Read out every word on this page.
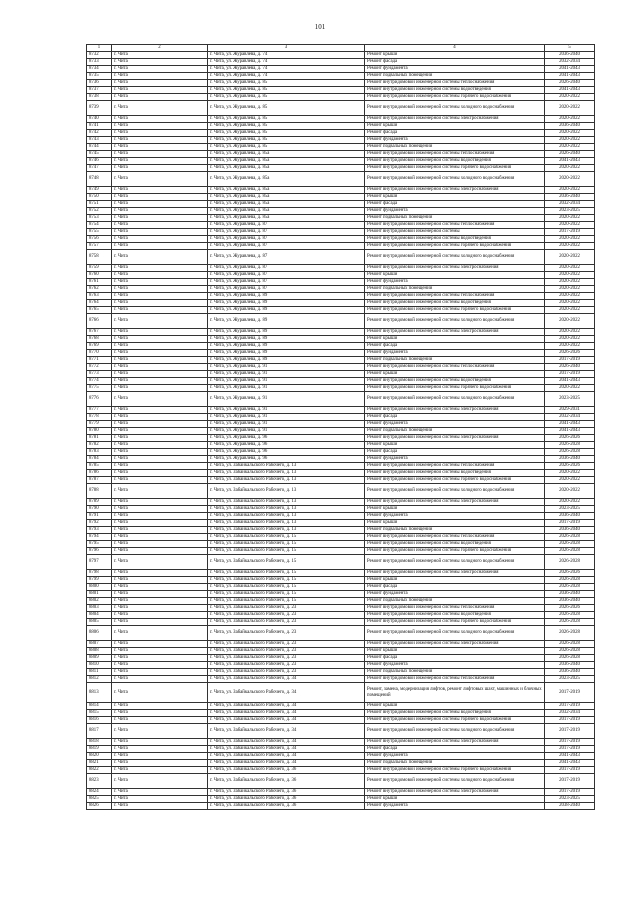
101
1	2	3	4	5
8732	г. Чита	г. Чита, ул. Журавлева, д. 74	Ремонт крыши	2036-2040
8733	г. Чита	г. Чита, ул. Журавлева, д. 74	Ремонт фасада	2032-2034
8734	г. Чита	г. Чита, ул. Журавлева, д. 74	Ремонт фундамента	2041-2043
8735	г. Чита	г. Чита, ул. Журавлева, д. 74	Ремонт подвальных помещений	2041-2043
8736	г. Чита	г. Чита, ул. Журавлева, д. 85	Ремонт внутридомовой инженерной системы теплоснабжения	2026-2040
8737	г. Чита	г. Чита, ул. Журавлева, д. 85	Ремонт внутридомовой инженерной системы водоотведения	2041-2043
8738	г. Чита	г. Чита, ул. Журавлева, д. 85	Ремонт внутридомовой инженерной системы горячего водоснабжения	2020-2022
8739	г. Чита	г. Чита, ул. Журавлева, д. 85	Ремонт внутридомовой инженерной системы холодного водоснабжения	2020-2022
8740	г. Чита	г. Чита, ул. Журавлева, д. 85	Ремонт внутридомовой инженерной системы электроснабжения	2020-2022
8741	г. Чита	г. Чита, ул. Журавлева, д. 85	Ремонт крыши	2036-2040
8742	г. Чита	г. Чита, ул. Журавлева, д. 85	Ремонт фасада	2020-2022
8743	г. Чита	г. Чита, ул. Журавлева, д. 85	Ремонт фундамента	2020-2022
8744	г. Чита	г. Чита, ул. Журавлева, д. 85	Ремонт подвальных помещений	2020-2022
8745	г. Чита	г. Чита, ул. Журавлева, д. 85а	Ремонт внутридомовой инженерной системы теплоснабжения	2026-2040
8746	г. Чита	г. Чита, ул. Журавлева, д. 85а	Ремонт внутридомовой инженерной системы водоотведения	2041-2043
8747	г. Чита	г. Чита, ул. Журавлева, д. 85а	Ремонт внутридомовой инженерной системы горячего водоснабжения	2020-2022
8748	г. Чита	г. Чита, ул. Журавлева, д. 85а	Ремонт внутридомовой инженерной системы холодного водоснабжения	2020-2022
8749	г. Чита	г. Чита, ул. Журавлева, д. 85а	Ремонт внутридомовой инженерной системы электроснабжения	2020-2022
8750	г. Чита	г. Чита, ул. Журавлева, д. 85а	Ремонт крыши	2036-2040
8751	г. Чита	г. Чита, ул. Журавлева, д. 85а	Ремонт фасада	2032-2034
8752	г. Чита	г. Чита, ул. Журавлева, д. 85а	Ремонт фундамента	2023-2025
8753	г. Чита	г. Чита, ул. Журавлева, д. 85а	Ремонт подвальных помещений	2020-2022
8754	г. Чита	г. Чита, ул. Журавлева, д. 87	Ремонт внутридомовой инженерной системы теплоснабжения	2020-2022
8755	г. Чита	г. Чита, ул. Журавлева, д. 87	Ремонт внутридомовой инженерной системы	2017-2019
8756	г. Чита	г. Чита, ул. Журавлева, д. 87	Ремонт внутридомовой инженерной системы водоотведения	2020-2022
8757	г. Чита	г. Чита, ул. Журавлева, д. 87	Ремонт внутридомовой инженерной системы горячего водоснабжения	2020-2022
8758	г. Чита	г. Чита, ул. Журавлева, д. 87	Ремонт внутридомовой инженерной системы холодного водоснабжения	2020-2022
8759	г. Чита	г. Чита, ул. Журавлева, д. 87	Ремонт внутридомовой инженерной системы электроснабжения	2020-2022
8760	г. Чита	г. Чита, ул. Журавлева, д. 87	Ремонт крыши	2020-2022
8761	г. Чита	г. Чита, ул. Журавлева, д. 87	Ремонт фундамента	2020-2022
8762	г. Чита	г. Чита, ул. Журавлева, д. 87	Ремонт подвальных помещений	2020-2022
8763	г. Чита	г. Чита, ул. Журавлева, д. 89	Ремонт внутридомовой инженерной системы теплоснабжения	2020-2022
8764	г. Чита	г. Чита, ул. Журавлева, д. 89	Ремонт внутридомовой инженерной системы водоотведения	2020-2022
8765	г. Чита	г. Чита, ул. Журавлева, д. 89	Ремонт внутридомовой инженерной системы горячего водоснабжения	2020-2022
8766	г. Чита	г. Чита, ул. Журавлева, д. 89	Ремонт внутридомовой инженерной системы холодного водоснабжения	2020-2022
8767	г. Чита	г. Чита, ул. Журавлева, д. 89	Ремонт внутридомовой инженерной системы электроснабжения	2020-2022
8768	г. Чита	г. Чита, ул. Журавлева, д. 89	Ремонт крыши	2020-2022
8769	г. Чита	г. Чита, ул. Журавлева, д. 89	Ремонт фасада	2020-2022
8770	г. Чита	г. Чита, ул. Журавлева, д. 89	Ремонт фундамента	2026-2026
8771	г. Чита	г. Чита, ул. Журавлева, д. 89	Ремонт подвальных помещений	2017-2019
8772	г. Чита	г. Чита, ул. Журавлева, д. 91	Ремонт внутридомовой инженерной системы теплоснабжения	2026-2040
8773	г. Чита	г. Чита, ул. Журавлева, д. 91	Ремонт крыши	2017-2019
8774	г. Чита	г. Чита, ул. Журавлева, д. 91	Ремонт внутридомовой инженерной системы водоотведения	2041-2043
8775	г. Чита	г. Чита, ул. Журавлева, д. 91	Ремонт внутридомовой инженерной системы горячего водоснабжения	2020-2022
8776	г. Чита	г. Чита, ул. Журавлева, д. 91	Ремонт внутридомовой инженерной системы холодного водоснабжения	2023-2025
8777	г. Чита	г. Чита, ул. Журавлева, д. 91	Ремонт внутридомовой инженерной системы электроснабжения	2029-2031
8778	г. Чита	г. Чита, ул. Журавлева, д. 91	Ремонт фасада	2032-2034
8779	г. Чита	г. Чита, ул. Журавлева, д. 91	Ремонт фундамента	2041-2043
8780	г. Чита	г. Чита, ул. Журавлева, д. 91	Ремонт подвальных помещений	2041-2043
8781	г. Чита	г. Чита, ул. Журавлева, д. 96	Ремонт внутридомовой инженерной системы электроснабжения	2026-2026
8782	г. Чита	г. Чита, ул. Журавлева, д. 96	Ремонт крыши	2026-2028
8783	г. Чита	г. Чита, ул. Журавлева, д. 96	Ремонт фасада	2026-2028
8784	г. Чита	г. Чита, ул. Журавлева, д. 96	Ремонт фундамента	2036-2040
8785	г. Чита	г. Чита, ул. Забайкальского Рабочего, д. 13	Ремонт внутридомовой инженерной системы теплоснабжения	2026-2026
8786	г. Чита	г. Чита, ул. Забайкальского Рабочего, д. 13	Ремонт внутридомовой инженерной системы водоотведения	2020-2022
8787	г. Чита	г. Чита, ул. Забайкальского Рабочего, д. 13	Ремонт внутридомовой инженерной системы горячего водоснабжения	2020-2022
8788	г. Чита	г. Чита, ул. Забайкальского Рабочего, д. 13	Ремонт внутридомовой инженерной системы холодного водоснабжения	2020-2022
8789	г. Чита	г. Чита, ул. Забайкальского Рабочего, д. 13	Ремонт внутридомовой инженерной системы электроснабжения	2020-2022
8790	г. Чита	г. Чита, ул. Забайкальского Рабочего, д. 13	Ремонт крыши	2023-2025
8791	г. Чита	г. Чита, ул. Забайкальского Рабочего, д. 13	Ремонт фундамента	2036-2040
8792	г. Чита	г. Чита, ул. Забайкальского Рабочего, д. 13	Ремонт крыши	2017-2019
8793	г. Чита	г. Чита, ул. Забайкальского Рабочего, д. 13	Ремонт подвальных помещений	2036-2040
8794	г. Чита	г. Чита, ул. Забайкальского Рабочего, д. 15	Ремонт внутридомовой инженерной системы теплоснабжения	2026-2028
8795	г. Чита	г. Чита, ул. Забайкальского Рабочего, д. 15	Ремонт внутридомовой инженерной системы водоотведения	2026-2028
8796	г. Чита	г. Чита, ул. Забайкальского Рабочего, д. 15	Ремонт внутридомовой инженерной системы горячего водоснабжения	2026-2028
8797	г. Чита	г. Чита, ул. Забайкальского Рабочего, д. 15	Ремонт внутридомовой инженерной системы холодного водоснабжения	2026-2028
8798	г. Чита	г. Чита, ул. Забайкальского Рабочего, д. 15	Ремонт внутридомовой инженерной системы электроснабжения	2026-2026
8799	г. Чита	г. Чита, ул. Забайкальского Рабочего, д. 15	Ремонт крыши	2026-2028
8800	г. Чита	г. Чита, ул. Забайкальского Рабочего, д. 15	Ремонт фасада	2026-2028
8801	г. Чита	г. Чита, ул. Забайкальского Рабочего, д. 15	Ремонт фундамента	2036-2040
8802	г. Чита	г. Чита, ул. Забайкальского Рабочего, д. 15	Ремонт подвальных помещений	2036-2040
8803	г. Чита	г. Чита, ул. Забайкальского Рабочего, д. 23	Ремонт внутридомовой инженерной системы теплоснабжения	2026-2026
8804	г. Чита	г. Чита, ул. Забайкальского Рабочего, д. 23	Ремонт внутридомовой инженерной системы водоотведения	2026-2028
8805	г. Чита	г. Чита, ул. Забайкальского Рабочего, д. 23	Ремонт внутридомовой инженерной системы горячего водоснабжения	2026-2028
8806	г. Чита	г. Чита, ул. Забайкальского Рабочего, д. 23	Ремонт внутридомовой инженерной системы холодного водоснабжения	2026-2028
8807	г. Чита	г. Чита, ул. Забайкальского Рабочего, д. 23	Ремонт внутридомовой инженерной системы электроснабжения	2026-2028
8808	г. Чита	г. Чита, ул. Забайкальского Рабочего, д. 23	Ремонт крыши	2026-2028
8809	г. Чита	г. Чита, ул. Забайкальского Рабочего, д. 23	Ремонт фасада	2026-2028
8810	г. Чита	г. Чита, ул. Забайкальского Рабочего, д. 23	Ремонт фундамента	2036-2040
8811	г. Чита	г. Чита, ул. Забайкальского Рабочего, д. 23	Ремонт подвальных помещений	2036-2040
8812	г. Чита	г. Чита, ул. Забайкальского Рабочего, д. 34	Ремонт внутридомовой инженерной системы теплоснабжения	2023-2025
8813	г. Чита	г. Чита, ул. Забайкальского Рабочего, д. 34	Ремонт, замена, модернизация лифтов, ремонт лифтовых шахт, машинных и блочных помещений	2017-2019
8814	г. Чита	г. Чита, ул. Забайкальского Рабочего, д. 34	Ремонт крыши	2017-2019
8815	г. Чита	г. Чита, ул. Забайкальского Рабочего, д. 34	Ремонт внутридомовой инженерной системы водоотведения	2032-2034
8816	г. Чита	г. Чита, ул. Забайкальского Рабочего, д. 34	Ремонт внутридомовой инженерной системы горячего водоснабжения	2017-2019
8817	г. Чита	г. Чита, ул. Забайкальского Рабочего, д. 34	Ремонт внутридомовой инженерной системы холодного водоснабжения	2017-2019
8818	г. Чита	г. Чита, ул. Забайкальского Рабочего, д. 34	Ремонт внутридомовой инженерной системы электроснабжения	2017-2019
8819	г. Чита	г. Чита, ул. Забайкальского Рабочего, д. 34	Ремонт фасада	2017-2019
8820	г. Чита	г. Чита, ул. Забайкальского Рабочего, д. 34	Ремонт фундамента	2041-2043
8821	г. Чита	г. Чита, ул. Забайкальского Рабочего, д. 34	Ремонт подвальных помещений	2041-2043
8822	г. Чита	г. Чита, ул. Забайкальского Рабочего, д. 36	Ремонт внутридомовой инженерной системы горячего водоснабжения	2017-2019
8823	г. Чита	г. Чита, ул. Забайкальского Рабочего, д. 36	Ремонт внутридомовой инженерной системы холодного водоснабжения	2017-2019
8824	г. Чита	г. Чита, ул. Забайкальского Рабочего, д. 36	Ремонт внутридомовой инженерной системы электроснабжения	2017-2019
8825	г. Чита	г. Чита, ул. Забайкальского Рабочего, д. 36	Ремонт крыши	2023-2025
8826	г. Чита	г. Чита, ул. Забайкальского Рабочего, д. 36	Ремонт фундамента	2038-2040
